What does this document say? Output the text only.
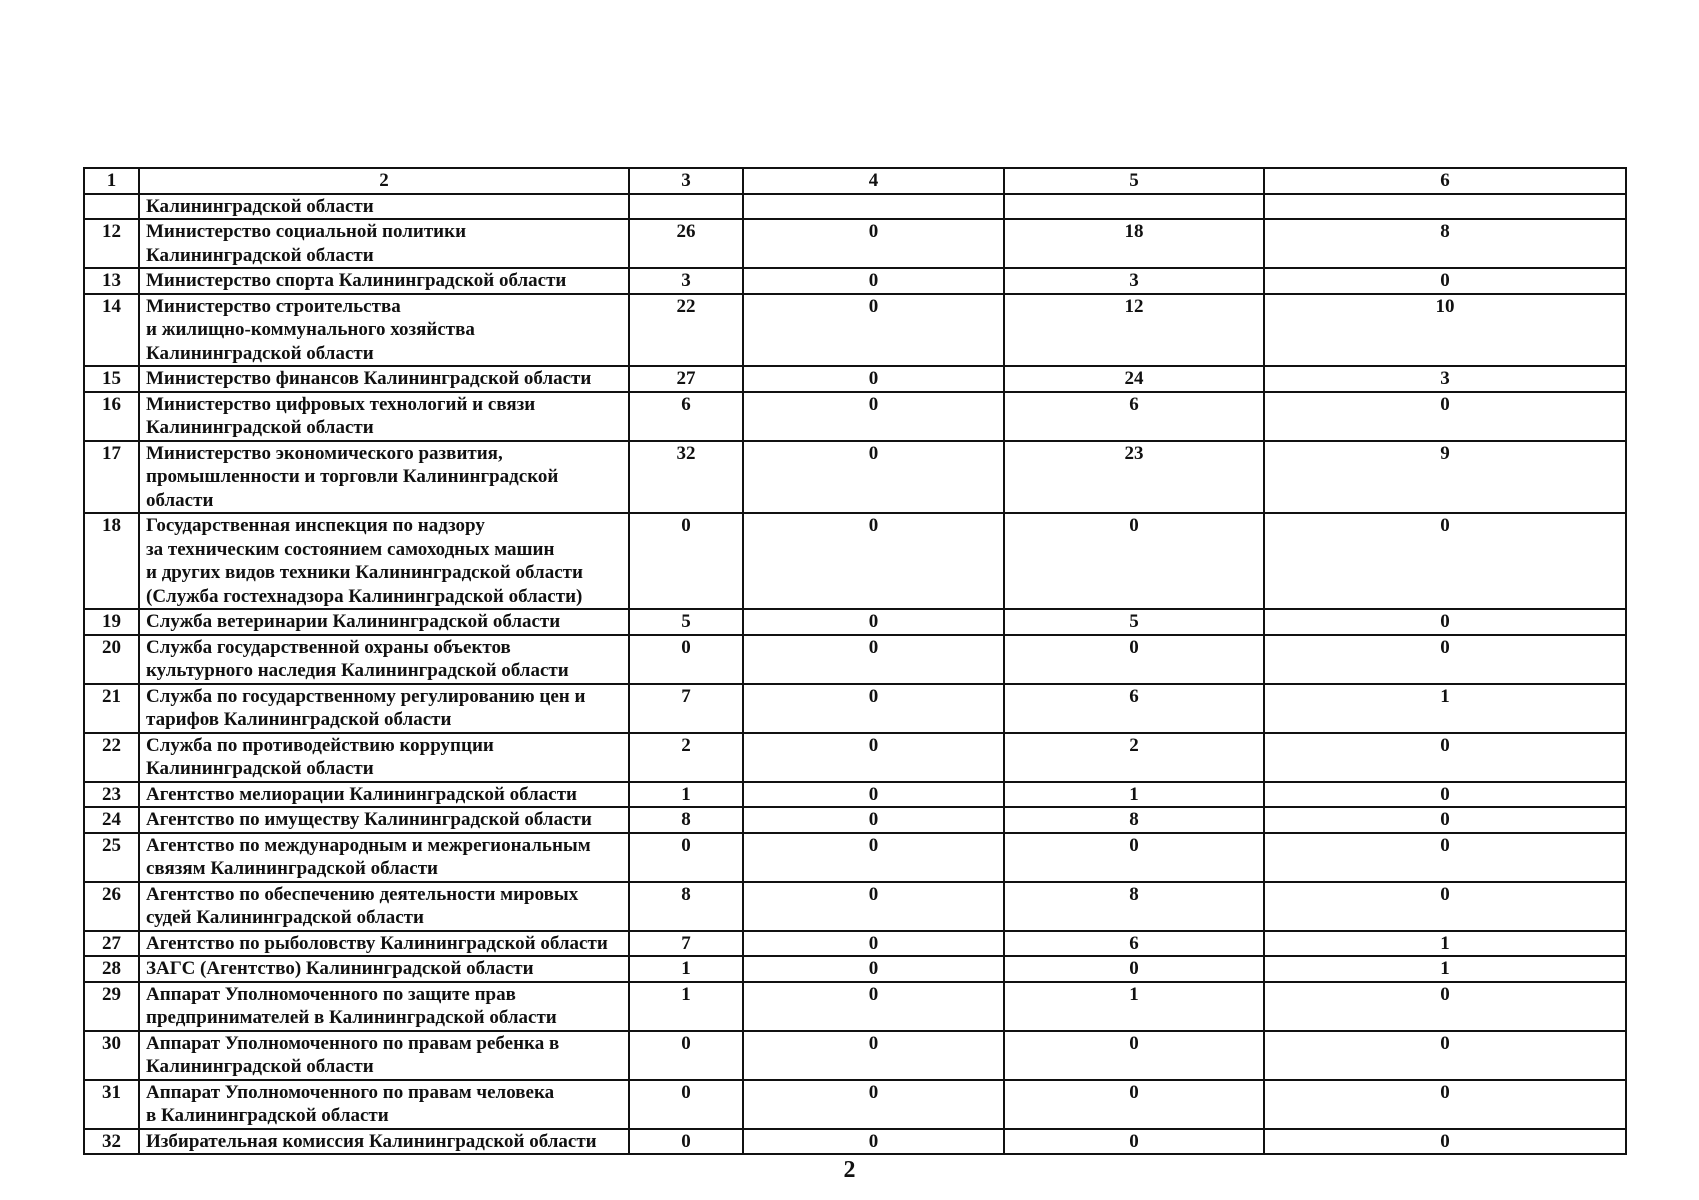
1	2	3	4	5	6
	Калининградской области				
12	Министерство социальной политики
Калининградской области	26	0	18	8
13	Министерство спорта Калининградской области	3	0	3	0
14	Министерство строительства
и жилищно-коммунального хозяйства
Калининградской области	22	0	12	10
15	Министерство финансов Калининградской области	27	0	24	3
16	Министерство цифровых технологий и связи
Калининградской области	6	0	6	0
17	Министерство экономического развития,
промышленности и торговли Калининградской
области	32	0	23	9
18	Государственная инспекция по надзору
за техническим состоянием самоходных машин
и других видов техники Калининградской области
(Служба гостехнадзора Калининградской области)	0	0	0	0
19	Служба ветеринарии Калининградской области	5	0	5	0
20	Служба государственной охраны объектов
культурного наследия Калининградской области	0	0	0	0
21	Служба по государственному регулированию цен и
тарифов Калининградской области	7	0	6	1
22	Служба по противодействию коррупции
Калининградской области	2	0	2	0
23	Агентство мелиорации Калининградской области	1	0	1	0
24	Агентство по имуществу Калининградской области	8	0	8	0
25	Агентство по международным и межрегиональным
связям Калининградской области	0	0	0	0
26	Агентство по обеспечению деятельности мировых
судей Калининградской области	8	0	8	0
27	Агентство по рыболовству Калининградской области	7	0	6	1
28	ЗАГС (Агентство) Калининградской области	1	0	0	1
29	Аппарат Уполномоченного по защите прав
предпринимателей в Калининградской области	1	0	1	0
30	Аппарат Уполномоченного по правам ребенка в
Калининградской области	0	0	0	0
31	Аппарат Уполномоченного по правам человека
в Калининградской области	0	0	0	0
32	Избирательная комиссия Калининградской области	0	0	0	0
2
